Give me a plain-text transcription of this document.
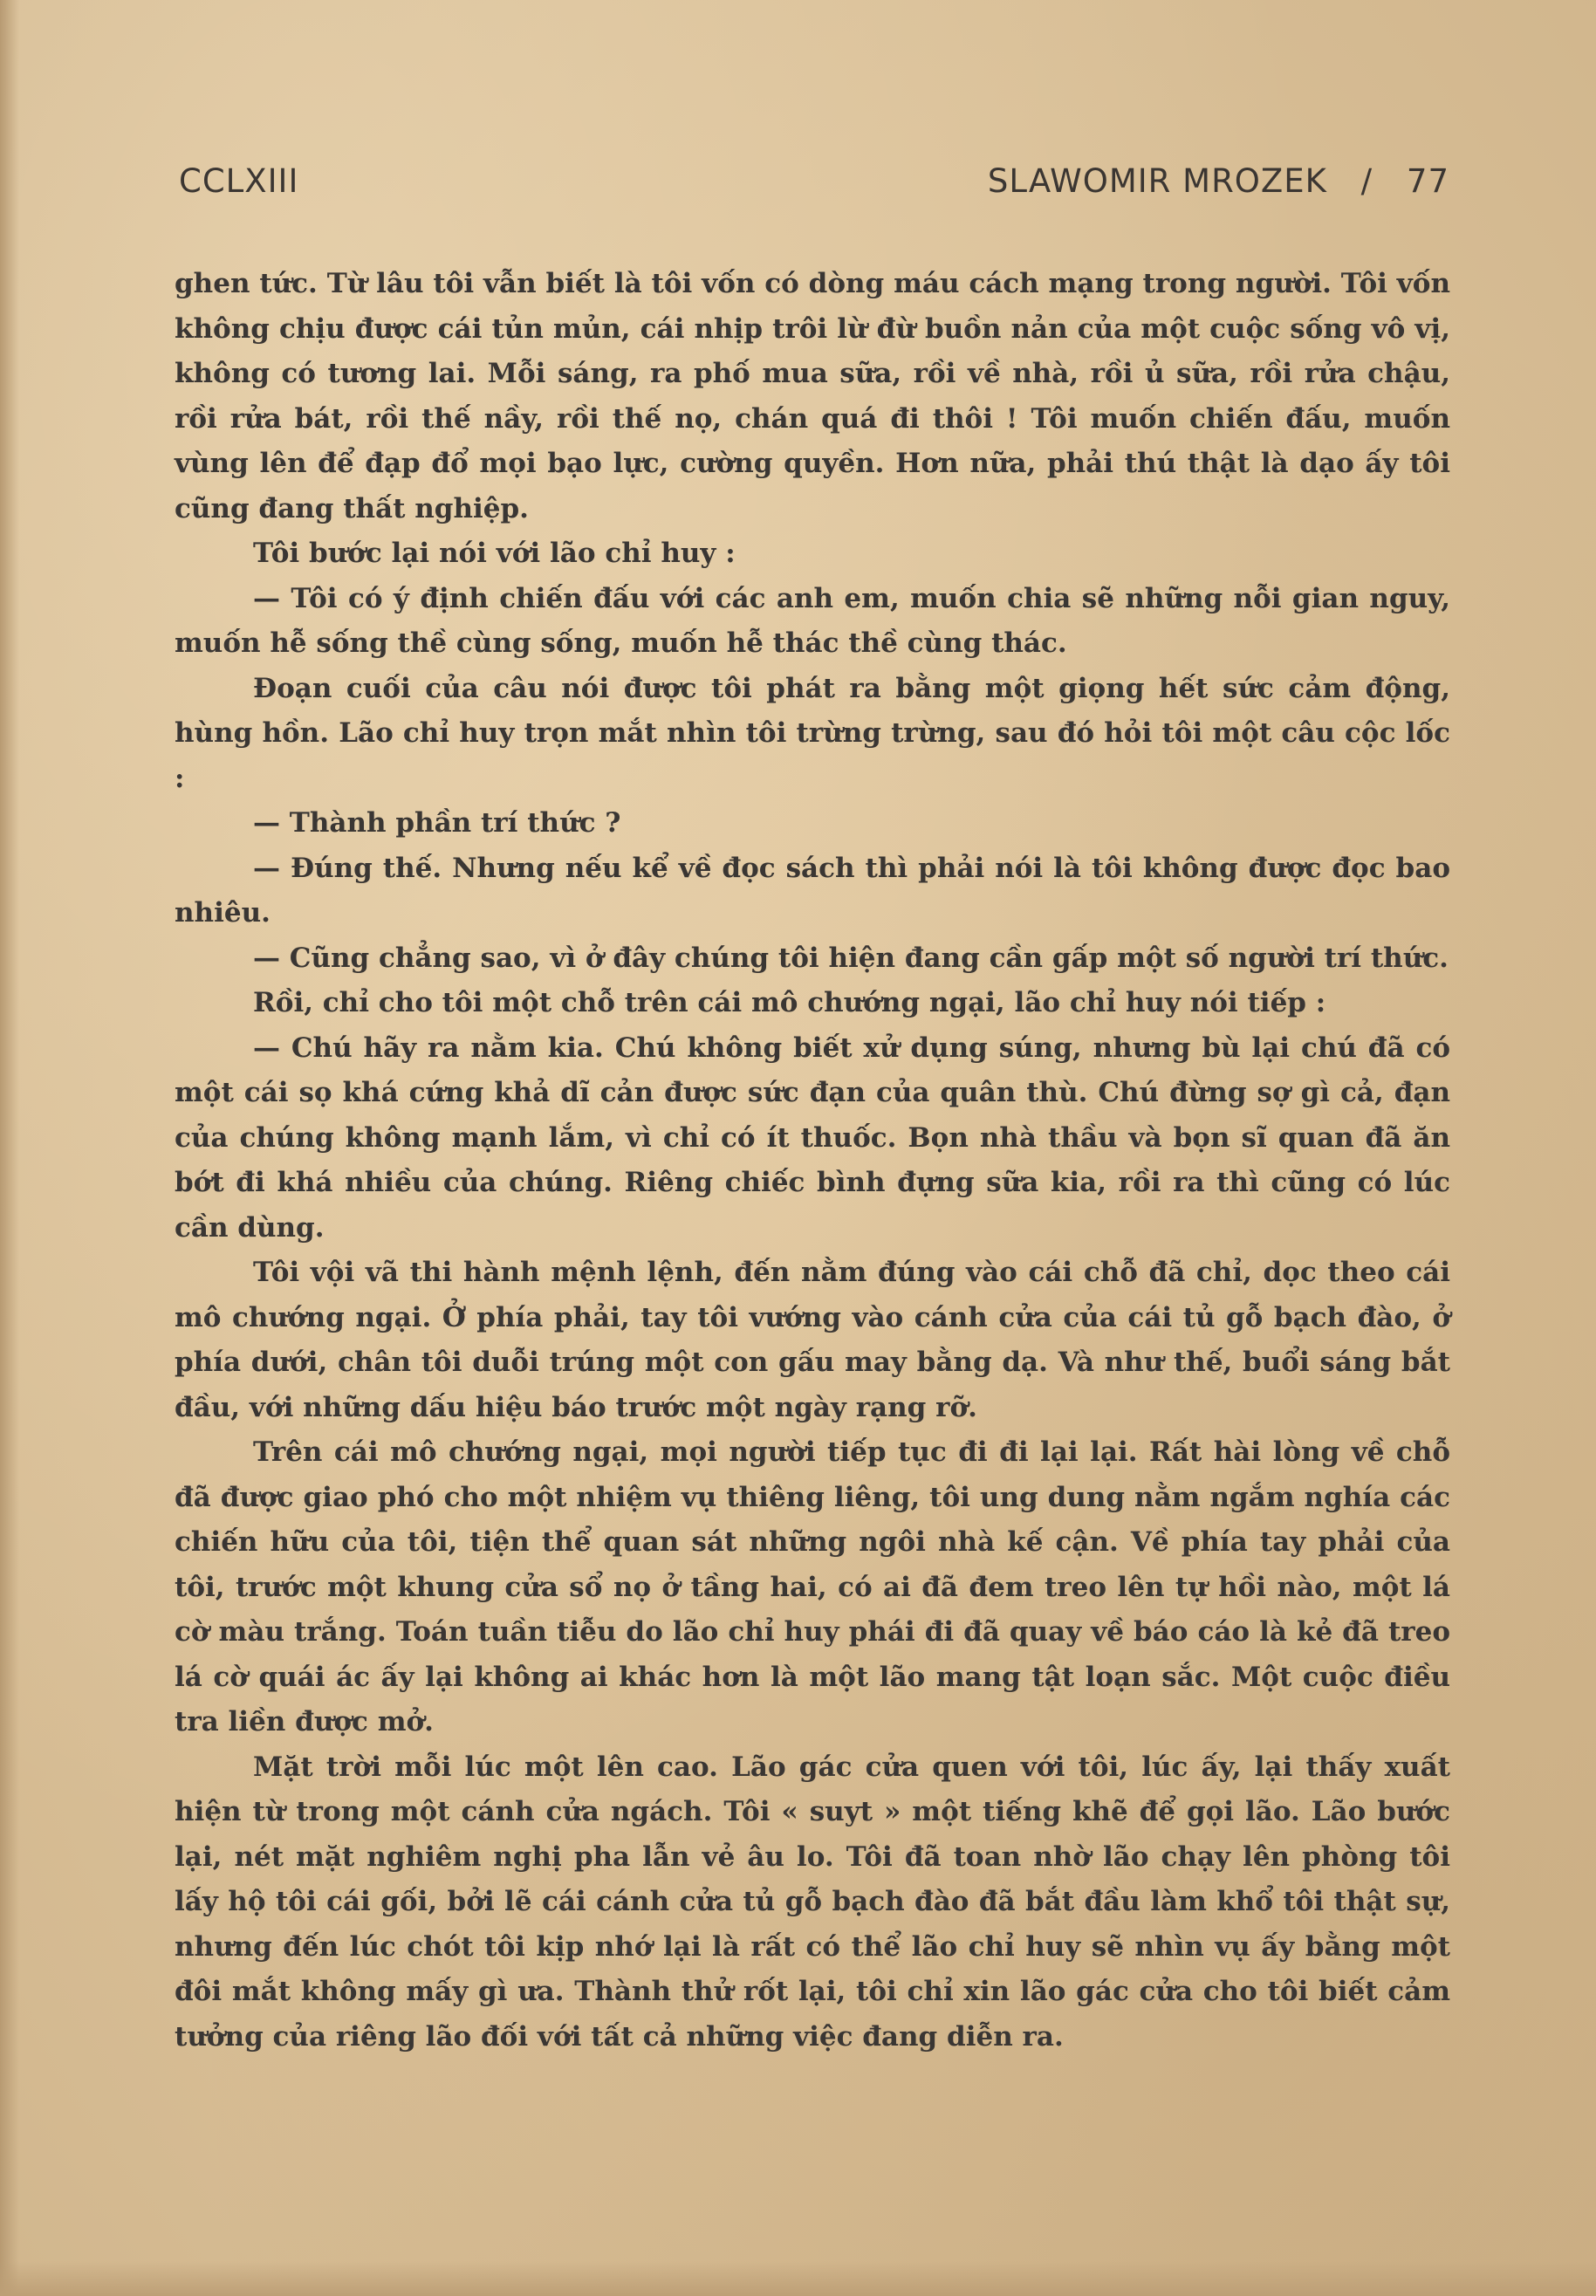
CCLXIII	SLAWOMIR MROZEK / 77

ghen tức. Từ lâu tôi vẫn biết là tôi vốn có dòng máu cách mạng trong người. Tôi vốn không chịu được cái tủn mủn, cái nhịp trôi lừ đừ buồn nản của một cuộc sống vô vị, không có tương lai. Mỗi sáng, ra phố mua sữa, rồi về nhà, rồi ủ sữa, rồi rửa chậu, rồi rửa bát, rồi thế nầy, rồi thế nọ, chán quá đi thôi ! Tôi muốn chiến đấu, muốn vùng lên để đạp đổ mọi bạo lực, cường quyền. Hơn nữa, phải thú thật là dạo ấy tôi cũng đang thất nghiệp.

Tôi bước lại nói với lão chỉ huy :

— Tôi có ý định chiến đấu với các anh em, muốn chia sẽ những nỗi gian nguy, muốn hễ sống thề cùng sống, muốn hễ thác thề cùng thác.

Đoạn cuối của câu nói được tôi phát ra bằng một giọng hết sức cảm động, hùng hồn. Lão chỉ huy trọn mắt nhìn tôi trừng trừng, sau đó hỏi tôi một câu cộc lốc :

— Thành phần trí thức ?

— Đúng thế. Nhưng nếu kể về đọc sách thì phải nói là tôi không được đọc bao nhiêu.

— Cũng chẳng sao, vì ở đây chúng tôi hiện đang cần gấp một số người trí thức.

Rồi, chỉ cho tôi một chỗ trên cái mô chướng ngại, lão chỉ huy nói tiếp :

— Chú hãy ra nằm kia. Chú không biết xử dụng súng, nhưng bù lại chú đã có một cái sọ khá cứng khả dĩ cản được sức đạn của quân thù. Chú đừng sợ gì cả, đạn của chúng không mạnh lắm, vì chỉ có ít thuốc. Bọn nhà thầu và bọn sĩ quan đã ăn bớt đi khá nhiều của chúng. Riêng chiếc bình đựng sữa kia, rồi ra thì cũng có lúc cần dùng.

Tôi vội vã thi hành mệnh lệnh, đến nằm đúng vào cái chỗ đã chỉ, dọc theo cái mô chướng ngại. Ở phía phải, tay tôi vướng vào cánh cửa của cái tủ gỗ bạch đào, ở phía dưới, chân tôi duỗi trúng một con gấu may bằng dạ. Và như thế, buổi sáng bắt đầu, với những dấu hiệu báo trước một ngày rạng rỡ.

Trên cái mô chướng ngại, mọi người tiếp tục đi đi lại lại. Rất hài lòng về chỗ đã được giao phó cho một nhiệm vụ thiêng liêng, tôi ung dung nằm ngắm nghía các chiến hữu của tôi, tiện thể quan sát những ngôi nhà kế cận. Về phía tay phải của tôi, trước một khung cửa sổ nọ ở tầng hai, có ai đã đem treo lên tự hồi nào, một lá cờ màu trắng. Toán tuần tiễu do lão chỉ huy phái đi đã quay về báo cáo là kẻ đã treo lá cờ quái ác ấy lại không ai khác hơn là một lão mang tật loạn sắc. Một cuộc điều tra liền được mở.

Mặt trời mỗi lúc một lên cao. Lão gác cửa quen với tôi, lúc ấy, lại thấy xuất hiện từ trong một cánh cửa ngách. Tôi « suyt » một tiếng khẽ để gọi lão. Lão bước lại, nét mặt nghiêm nghị pha lẫn vẻ âu lo. Tôi đã toan nhờ lão chạy lên phòng tôi lấy hộ tôi cái gối, bởi lẽ cái cánh cửa tủ gỗ bạch đào đã bắt đầu làm khổ tôi thật sự, nhưng đến lúc chót tôi kịp nhớ lại là rất có thể lão chỉ huy sẽ nhìn vụ ấy bằng một đôi mắt không mấy gì ưa. Thành thử rốt lại, tôi chỉ xin lão gác cửa cho tôi biết cảm tưởng của riêng lão đối với tất cả những việc đang diễn ra.
